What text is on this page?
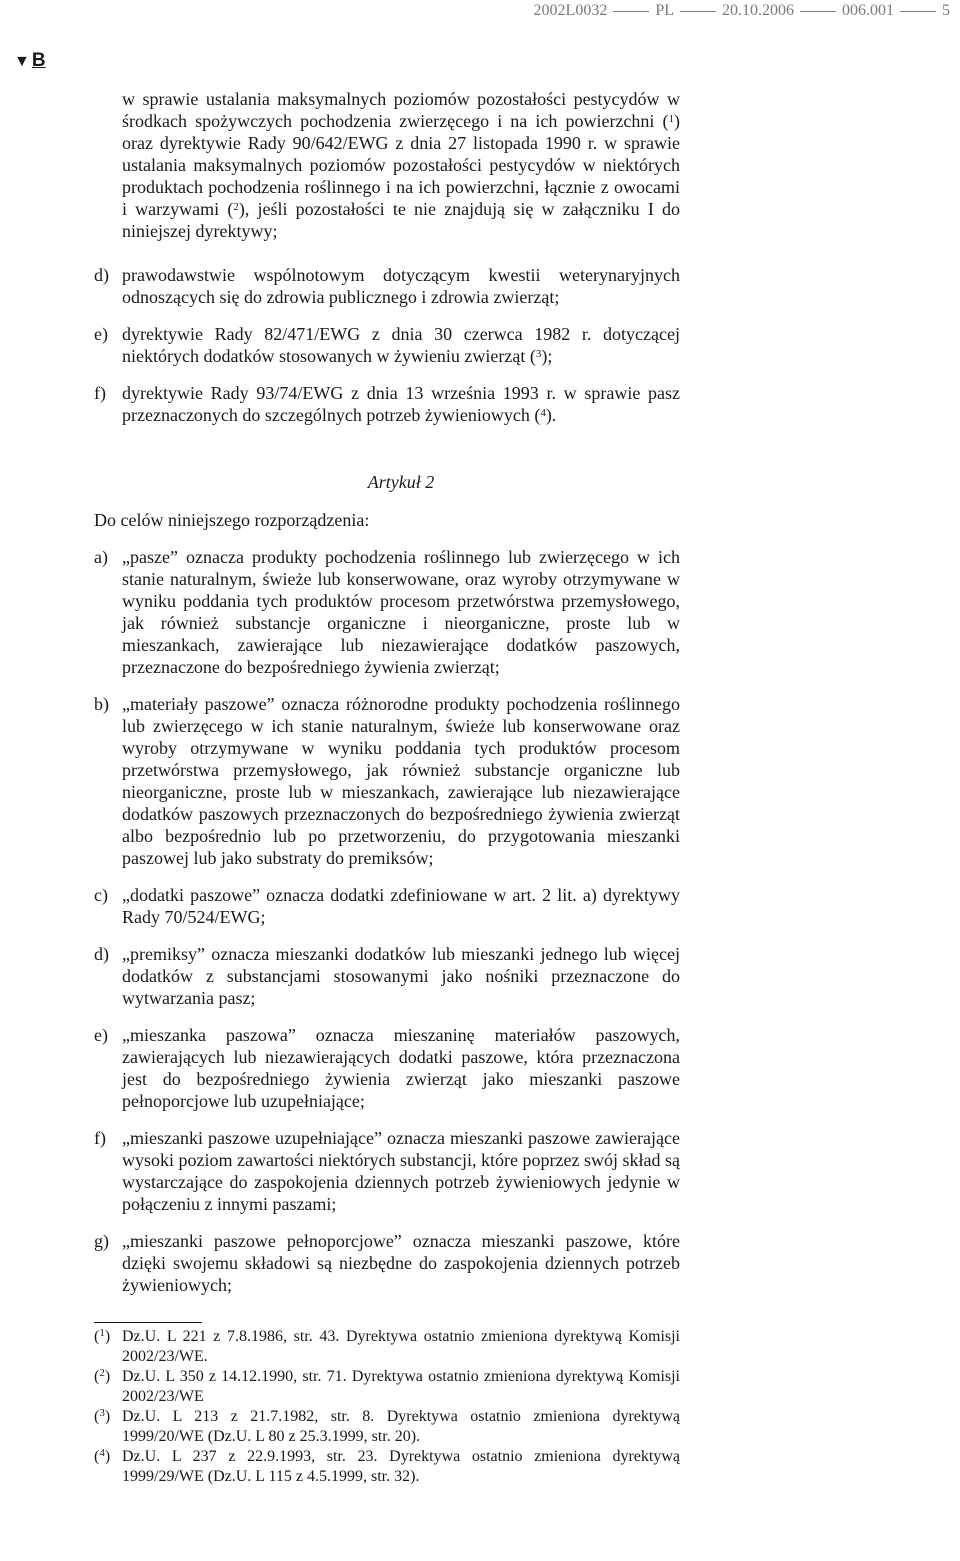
2002L0032	PL	20.10.2006	006.001	5
▼ B
w sprawie ustalania maksymalnych poziomów pozostałości pestycydów w środkach spożywczych pochodzenia zwierzęcego i na ich powierzchni ($^1$) oraz dyrektywie Rady 90/642/EWG z dnia 27 listopada 1990 r. w sprawie ustalania maksymalnych poziomów pozostałości pestycydów w niektórych produktach pochodzenia roślinnego i na ich powierzchni, łącznie z owocami i warzywami ($^2$), jeśli pozostałości te nie znajdują się w załączniku I do niniejszej dyrektywy;
d) prawodawstwie wspólnotowym dotyczącym kwestii weterynaryjnych odnoszących się do zdrowia publicznego i zdrowia zwierząt;
e) dyrektywie Rady 82/471/EWG z dnia 30 czerwca 1982 r. dotyczącej niektórych dodatków stosowanych w żywieniu zwierząt ($^3$);
f) dyrektywie Rady 93/74/EWG z dnia 13 września 1993 r. w sprawie pasz przeznaczonych do szczególnych potrzeb żywieniowych ($^4$).
Artykuł 2
Do celów niniejszego rozporządzenia:
a) „pasze” oznacza produkty pochodzenia roślinnego lub zwierzęcego w ich stanie naturalnym, świeże lub konserwowane, oraz wyroby otrzymywane w wyniku poddania tych produktów procesom przetwórstwa przemysłowego, jak również substancje organiczne i nieorganiczne, proste lub w mieszankach, zawierające lub niezawierające dodatków paszowych, przeznaczone do bezpośredniego żywienia zwierząt;
b) „materiały paszowe” oznacza różnorodne produkty pochodzenia roślinnego lub zwierzęcego w ich stanie naturalnym, świeże lub konserwowane oraz wyroby otrzymywane w wyniku poddania tych produktów procesom przetwórstwa przemysłowego, jak również substancje organiczne lub nieorganiczne, proste lub w mieszankach, zawierające lub niezawierające dodatków paszowych przeznaczonych do bezpośredniego żywienia zwierząt albo bezpośrednio lub po przetworzeniu, do przygotowania mieszanki paszowej lub jako substraty do premiksów;
c) „dodatki paszowe” oznacza dodatki zdefiniowane w art. 2 lit. a) dyrektywy Rady 70/524/EWG;
d) „premiksy” oznacza mieszanki dodatków lub mieszanki jednego lub więcej dodatków z substancjami stosowanymi jako nośniki przeznaczone do wytwarzania pasz;
e) „mieszanka paszowa” oznacza mieszaninę materiałów paszowych, zawierających lub niezawierających dodatki paszowe, która przeznaczona jest do bezpośredniego żywienia zwierząt jako mieszanki paszowe pełnoporcjowe lub uzupełniające;
f) „mieszanki paszowe uzupełniające” oznacza mieszanki paszowe zawierające wysoki poziom zawartości niektórych substancji, które poprzez swój skład są wystarczające do zaspokojenia dziennych potrzeb żywieniowych jedynie w połączeniu z innymi paszami;
g) „mieszanki paszowe pełnoporcjowe” oznacza mieszanki paszowe, które dzięki swojemu składowi są niezbędne do zaspokojenia dziennych potrzeb żywieniowych;
($^1$) Dz.U. L 221 z 7.8.1986, str. 43. Dyrektywa ostatnio zmieniona dyrektywą Komisji 2002/23/WE.
($^2$) Dz.U. L 350 z 14.12.1990, str. 71. Dyrektywa ostatnio zmieniona dyrektywą Komisji 2002/23/WE
($^3$) Dz.U. L 213 z 21.7.1982, str. 8. Dyrektywa ostatnio zmieniona dyrektywą 1999/20/WE (Dz.U. L 80 z 25.3.1999, str. 20).
($^4$) Dz.U. L 237 z 22.9.1993, str. 23. Dyrektywa ostatnio zmieniona dyrektywą 1999/29/WE (Dz.U. L 115 z 4.5.1999, str. 32).
